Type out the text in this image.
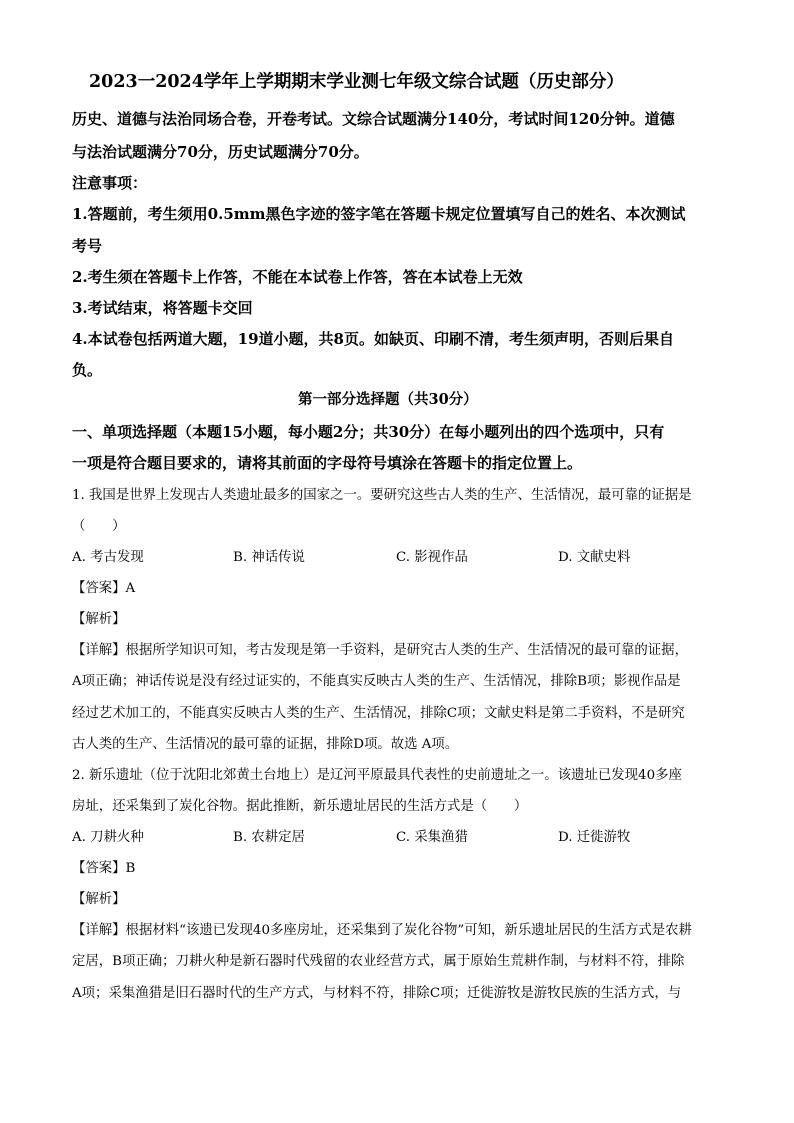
2023一2024学年上学期期末学业测七年级文综合试题（历史部分）
历史、道德与法治同场合卷，开卷考试。文综合试题满分140分，考试时间120分钟。道德
与法治试题满分70分，历史试题满分70分。
注意事项：
1.答题前，考生须用0.5mm黑色字迹的签字笔在答题卡规定位置填写自己的姓名、本次测试
考号
2.考生须在答题卡上作答，不能在本试卷上作答，答在本试卷上无效
3.考试结束，将答题卡交回
4.本试卷包括两道大题，19道小题，共8页。如缺页、印刷不清，考生须声明，否则后果自
负。
第一部分选择题（共30分）
一、单项选择题（本题15小题，每小题2分；共30分）在每小题列出的四个选项中，只有
一项是符合题目要求的，请将其前面的字母符号填涂在答题卡的指定位置上。
1. 我国是世界上发现古人类遗址最多的国家之一。要研究这些古人类的生产、生活情况，最可靠的证据是
（　　）
A. 考古发现	B. 神话传说	C. 影视作品	D. 文献史料
【答案】A
【解析】
【详解】根据所学知识可知，考古发现是第一手资料，是研究古人类的生产、生活情况的最可靠的证据，
A项正确；神话传说是没有经过证实的，不能真实反映古人类的生产、生活情况，排除B项；影视作品是
经过艺术加工的，不能真实反映古人类的生产、生活情况，排除C项；文献史料是第二手资料，不是研究
古人类的生产、生活情况的最可靠的证据，排除D项。故选 A项。
2. 新乐遗址（位于沈阳北郊黄土台地上）是辽河平原最具代表性的史前遗址之一。该遗址已发现40多座
房址，还采集到了炭化谷物。据此推断，新乐遗址居民的生活方式是（　　）
A. 刀耕火种	B. 农耕定居	C. 采集渔猎	D. 迁徙游牧
【答案】B
【解析】
【详解】根据材料“该遗已发现40多座房址，还采集到了炭化谷物”可知，新乐遗址居民的生活方式是农耕
定居，B项正确；刀耕火种是新石器时代残留的农业经营方式，属于原始生荒耕作制，与材料不符，排除
A项；采集渔猎是旧石器时代的生产方式，与材料不符，排除C项；迁徙游牧是游牧民族的生活方式，与
